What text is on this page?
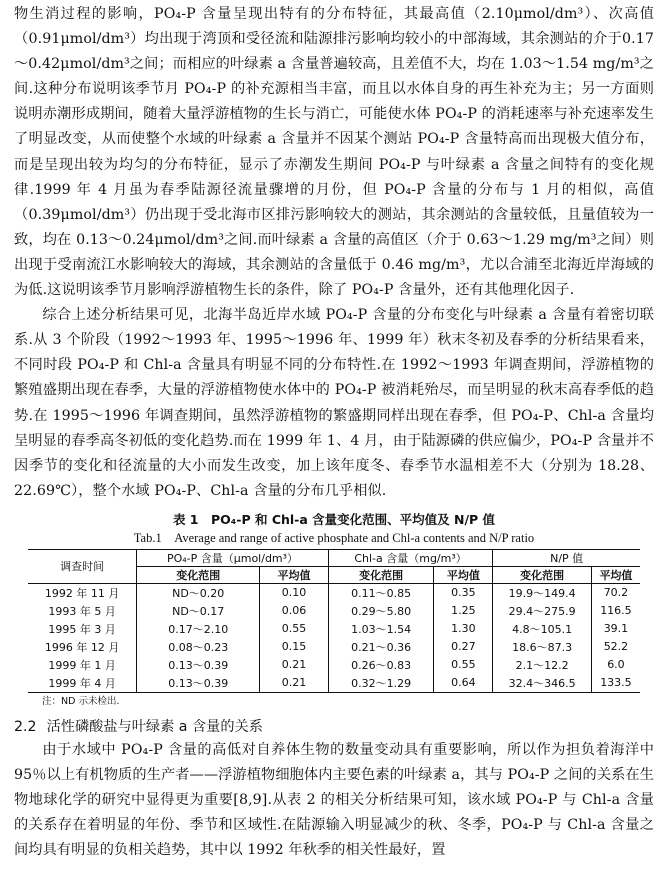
物生消过程的影响，PO₄-P 含量呈现出特有的分布特征，其最高值（2.10μmol/dm³）、次高值（0.91μmol/dm³）均出现于湾顶和受径流和陆源排污影响均较小的中部海域，其余测站的介于0.17～0.42μmol/dm³之间；而相应的叶绿素 a 含量普遍较高，且差值不大，均在 1.03～1.54 mg/m³之间.这种分布说明该季节月 PO₄-P 的补充源相当丰富，而且以水体自身的再生补充为主；另一方面则说明赤潮形成期间，随着大量浮游植物的生长与消亡，可能使水体 PO₄-P 的消耗速率与补充速率发生了明显改变，从而使整个水域的叶绿素 a 含量并不因某个测站 PO₄-P 含量特高而出现极大值分布，而是呈现出较为均匀的分布特征，显示了赤潮发生期间 PO₄-P 与叶绿素 a 含量之间特有的变化规律.1999 年 4 月虽为春季陆源径流量骤增的月份，但 PO₄-P 含量的分布与 1 月的相似，高值（0.39μmol/dm³）仍出现于受北海市区排污影响较大的测站，其余测站的含量较低，且量值较为一致，均在 0.13～0.24μmol/dm³之间.而叶绿素 a 含量的高值区（介于 0.63～1.29 mg/m³之间）则出现于受南流江水影响较大的海域，其余测站的含量低于 0.46 mg/m³，尤以合浦至北海近岸海域的为低.这说明该季节月影响浮游植物生长的条件，除了 PO₄-P 含量外，还有其他理化因子.

综合上述分析结果可见，北海半岛近岸水域 PO₄-P 含量的分布变化与叶绿素 a 含量有着密切联系.从 3 个阶段（1992～1993 年、1995～1996 年、1999 年）秋末冬初及春季的分析结果看来，不同时段 PO₄-P 和 Chl-a 含量具有明显不同的分布特性.在 1992～1993 年调查期间，浮游植物的繁殖盛期出现在春季，大量的浮游植物使水体中的 PO₄-P 被消耗殆尽，而呈明显的秋末高春季低的趋势.在 1995～1996 年调查期间，虽然浮游植物的繁盛期同样出现在春季，但 PO₄-P、Chl-a 含量均呈明显的春季高冬初低的变化趋势.而在 1999 年 1、4 月，由于陆源磷的供应偏少，PO₄-P 含量并不因季节的变化和径流量的大小而发生改变，加上该年度冬、春季节水温相差不大（分别为 18.28、22.69℃），整个水域 PO₄-P、Chl-a 含量的分布几乎相似.

表 1　PO₄-P 和 Chl-a 含量变化范围、平均值及 N/P 值
Tab.1　Average and range of active phosphate and Chl-a contents and N/P ratio
调查时间	PO₄-P 含量（μmol/dm³）		Chl-a 含量（mg/m³）		N/P 值	
	变化范围	平均值	变化范围	平均值	变化范围	平均值
1992 年 11 月	ND～0.20	0.10	0.11～0.85	0.35	19.9～149.4	70.2
1993 年 5 月	ND～0.17	0.06	0.29～5.80	1.25	29.4～275.9	116.5
1995 年 3 月	0.17～2.10	0.55	1.03～1.54	1.30	4.8～105.1	39.1
1996 年 12 月	0.08～0.23	0.15	0.21～0.36	0.27	18.6～87.3	52.2
1999 年 1 月	0.13～0.39	0.21	0.26～0.83	0.55	2.1～12.2	6.0
1999 年 4 月	0.13～0.39	0.21	0.32～1.29	0.64	32.4～346.5	133.5
注：ND 示未检出.
2.2 活性磷酸盐与叶绿素 a 含量的关系

由于水域中 PO₄-P 含量的高低对自养体生物的数量变动具有重要影响，所以作为担负着海洋中 95％以上有机物质的生产者——浮游植物细胞体内主要色素的叶绿素 a，其与 PO₄-P 之间的关系在生物地球化学的研究中显得更为重要[8,9].从表 2 的相关分析结果可知，该水域 PO₄-P 与 Chl-a 含量的关系存在着明显的年份、季节和区域性.在陆源输入明显减少的秋、冬季，PO₄-P 与 Chl-a 含量之间均具有明显的负相关趋势，其中以 1992 年秋季的相关性最好，置
